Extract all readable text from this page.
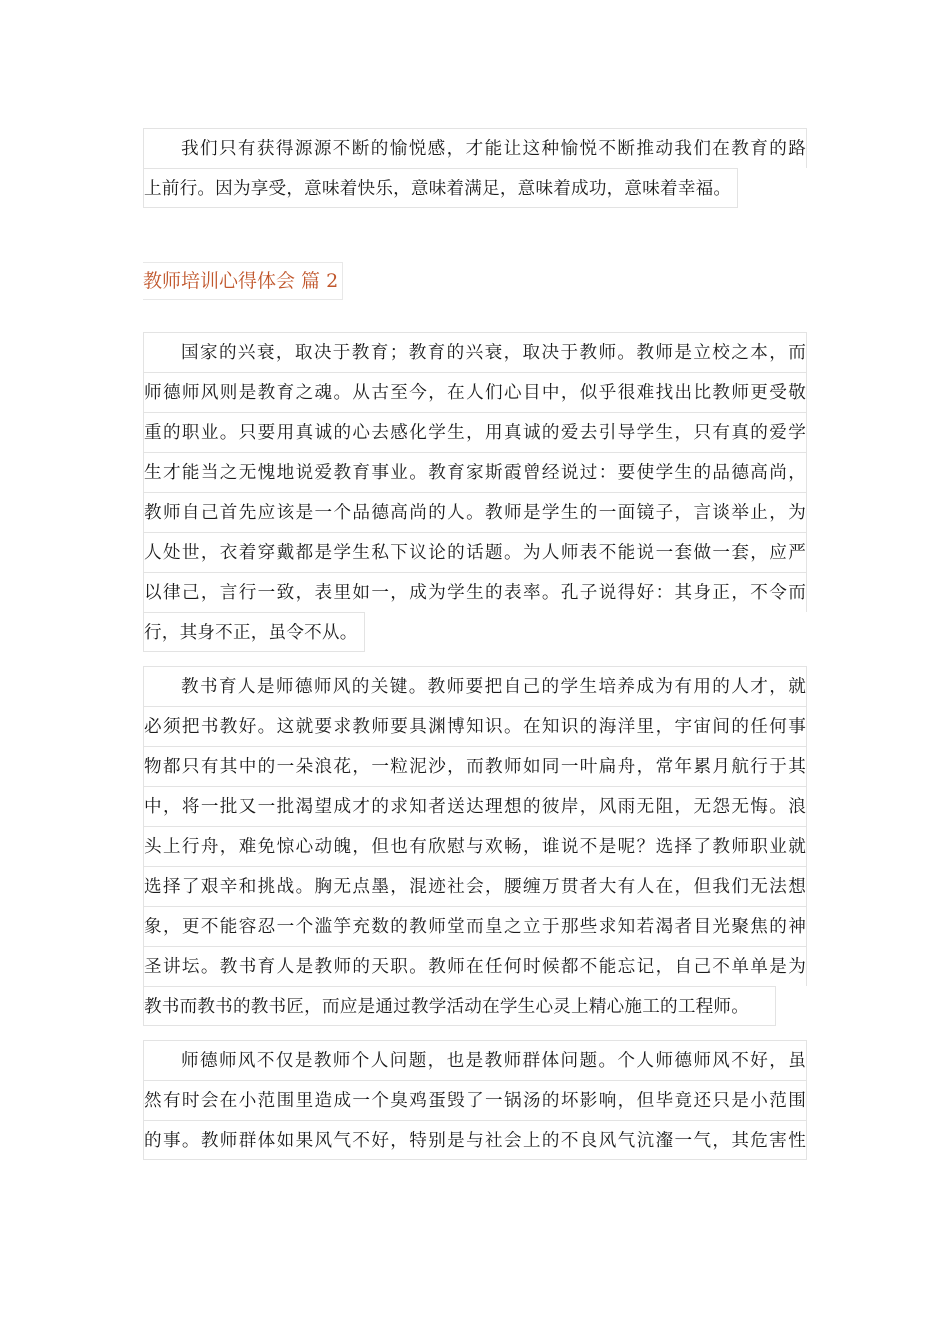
我们只有获得源源不断的愉悦感，才能让这种愉悦不断推动我们在教育的路
上前行。因为享受，意味着快乐，意味着满足，意味着成功，意味着幸福。
教师培训心得体会 篇 2
国家的兴衰，取决于教育；教育的兴衰，取决于教师。教师是立校之本，而
师德师风则是教育之魂。从古至今，在人们心目中，似乎很难找出比教师更受敬
重的职业。只要用真诚的心去感化学生，用真诚的爱去引导学生，只有真的爱学
生才能当之无愧地说爱教育事业。教育家斯霞曾经说过：要使学生的品德高尚，
教师自己首先应该是一个品德高尚的人。教师是学生的一面镜子，言谈举止，为
人处世，衣着穿戴都是学生私下议论的话题。为人师表不能说一套做一套，应严
以律己，言行一致，表里如一，成为学生的表率。孔子说得好：其身正，不令而
行，其身不正，虽令不从。
教书育人是师德师风的关键。教师要把自己的学生培养成为有用的人才，就
必须把书教好。这就要求教师要具渊博知识。在知识的海洋里，宇宙间的任何事
物都只有其中的一朵浪花，一粒泥沙，而教师如同一叶扁舟，常年累月航行于其
中，将一批又一批渴望成才的求知者送达理想的彼岸，风雨无阻，无怨无悔。浪
头上行舟，难免惊心动魄，但也有欣慰与欢畅，谁说不是呢？选择了教师职业就
选择了艰辛和挑战。胸无点墨，混迹社会，腰缠万贯者大有人在，但我们无法想
象，更不能容忍一个滥竽充数的教师堂而皇之立于那些求知若渴者目光聚焦的神
圣讲坛。教书育人是教师的天职。教师在任何时候都不能忘记，自己不单单是为
教书而教书的教书匠，而应是通过教学活动在学生心灵上精心施工的工程师。
师德师风不仅是教师个人问题，也是教师群体问题。个人师德师风不好，虽
然有时会在小范围里造成一个臭鸡蛋毁了一锅汤的坏影响，但毕竟还只是小范围
的事。教师群体如果风气不好，特别是与社会上的不良风气沆瀣一气，其危害性
